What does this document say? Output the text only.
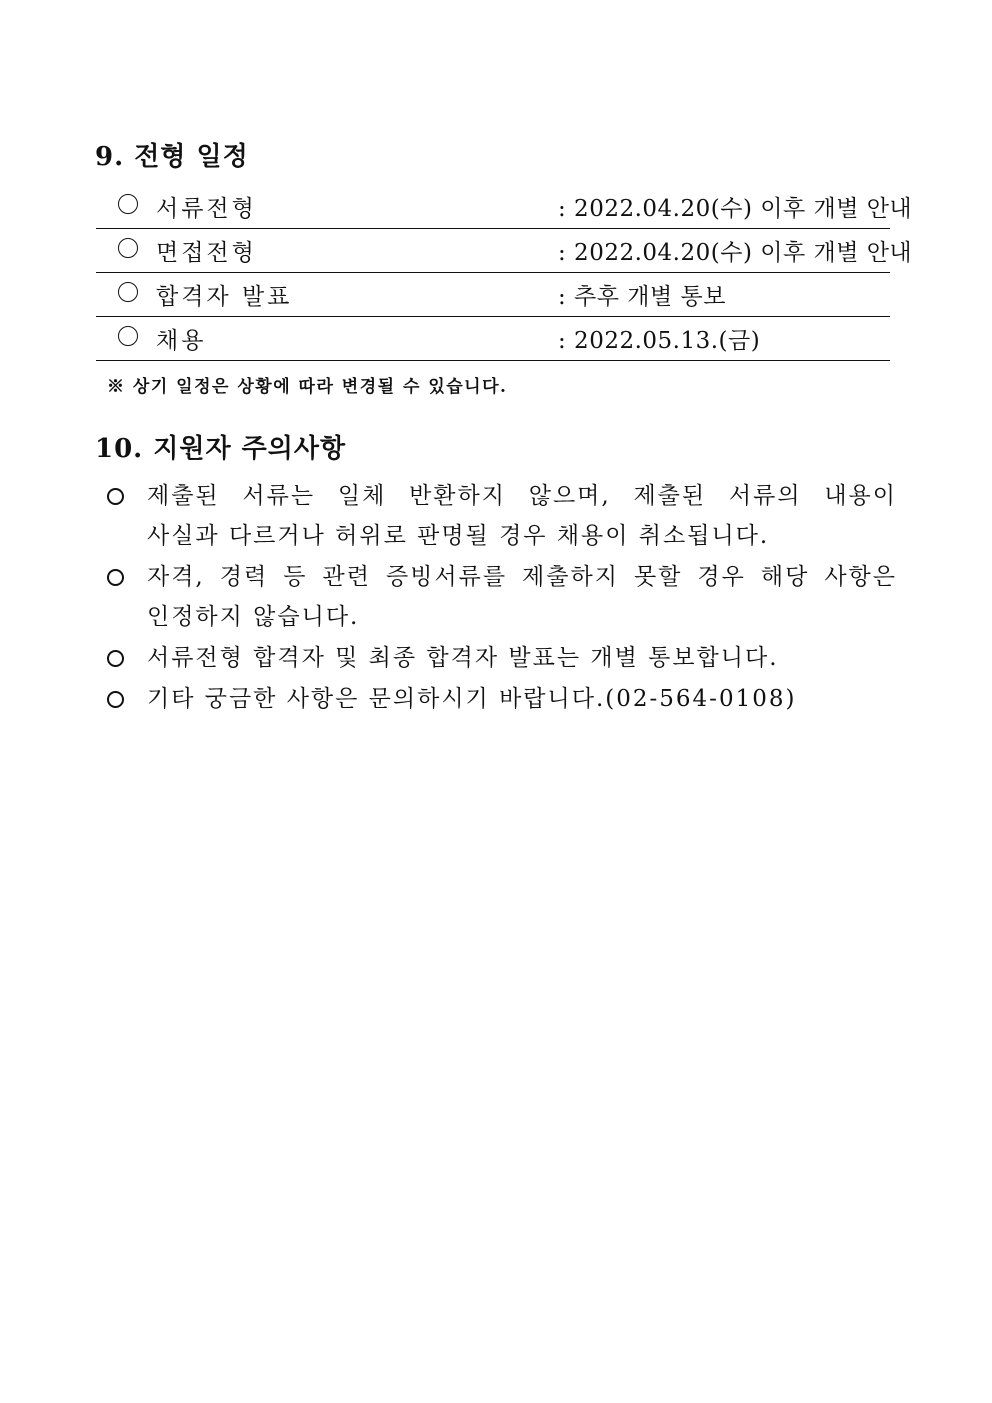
9. 전형 일정
서류전형	: 2022.04.20(수) 이후 개별 안내
면접전형	: 2022.04.20(수) 이후 개별 안내
합격자 발표	: 추후 개별 통보
채용	: 2022.05.13.(금)
※ 상기 일정은 상황에 따라 변경될 수 있습니다.
10. 지원자 주의사항
제출된 서류는 일체 반환하지 않으며, 제출된 서류의 내용이
사실과 다르거나 허위로 판명될 경우 채용이 취소됩니다.
자격, 경력 등 관련 증빙서류를 제출하지 못할 경우 해당 사항은
인정하지 않습니다.
서류전형 합격자 및 최종 합격자 발표는 개별 통보합니다.
기타 궁금한 사항은 문의하시기 바랍니다.(02-564-0108)
